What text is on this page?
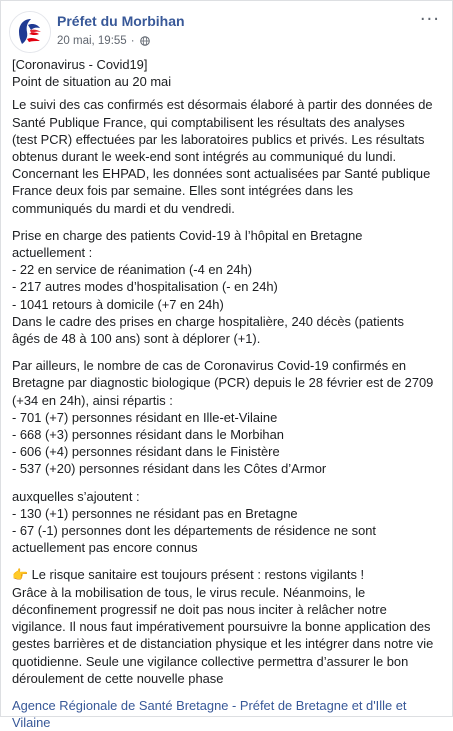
Préfet du Morbihan
20 mai, 19:55 ·
···

[Coronavirus - Covid19]
Point de situation au 20 mai

Le suivi des cas confirmés est désormais élaboré à partir des données de
Santé Publique France, qui comptabilisent les résultats des analyses
(test PCR) effectuées par les laboratoires publics et privés. Les résultats
obtenus durant le week-end sont intégrés au communiqué du lundi.
Concernant les EHPAD, les données sont actualisées par Santé publique
France deux fois par semaine. Elles sont intégrées dans les
communiqués du mardi et du vendredi.

Prise en charge des patients Covid-19 à l’hôpital en Bretagne
actuellement :
- 22 en service de réanimation (-4 en 24h)
- 217 autres modes d’hospitalisation (- en 24h)
- 1041 retours à domicile (+7 en 24h)
Dans le cadre des prises en charge hospitalière, 240 décès (patients
âgés de 48 à 100 ans) sont à déplorer (+1).

Par ailleurs, le nombre de cas de Coronavirus Covid-19 confirmés en
Bretagne par diagnostic biologique (PCR) depuis le 28 février est de 2709
(+34 en 24h), ainsi répartis :
- 701 (+7) personnes résidant en Ille-et-Vilaine
- 668 (+3) personnes résidant dans le Morbihan
- 606 (+4) personnes résidant dans le Finistère
- 537 (+20) personnes résidant dans les Côtes d’Armor

auxquelles s’ajoutent :
- 130 (+1) personnes ne résidant pas en Bretagne
- 67 (-1) personnes dont les départements de résidence ne sont
actuellement pas encore connus

👉 Le risque sanitaire est toujours présent : restons vigilants !
Grâce à la mobilisation de tous, le virus recule. Néanmoins, le
déconfinement progressif ne doit pas nous inciter à relâcher notre
vigilance. Il nous faut impérativement poursuivre la bonne application des
gestes barrières et de distanciation physique et les intégrer dans notre vie
quotidienne. Seule une vigilance collective permettra d’assurer le bon
déroulement de cette nouvelle phase

Agence Régionale de Santé Bretagne - Préfet de Bretagne et d'Ille et
Vilaine
